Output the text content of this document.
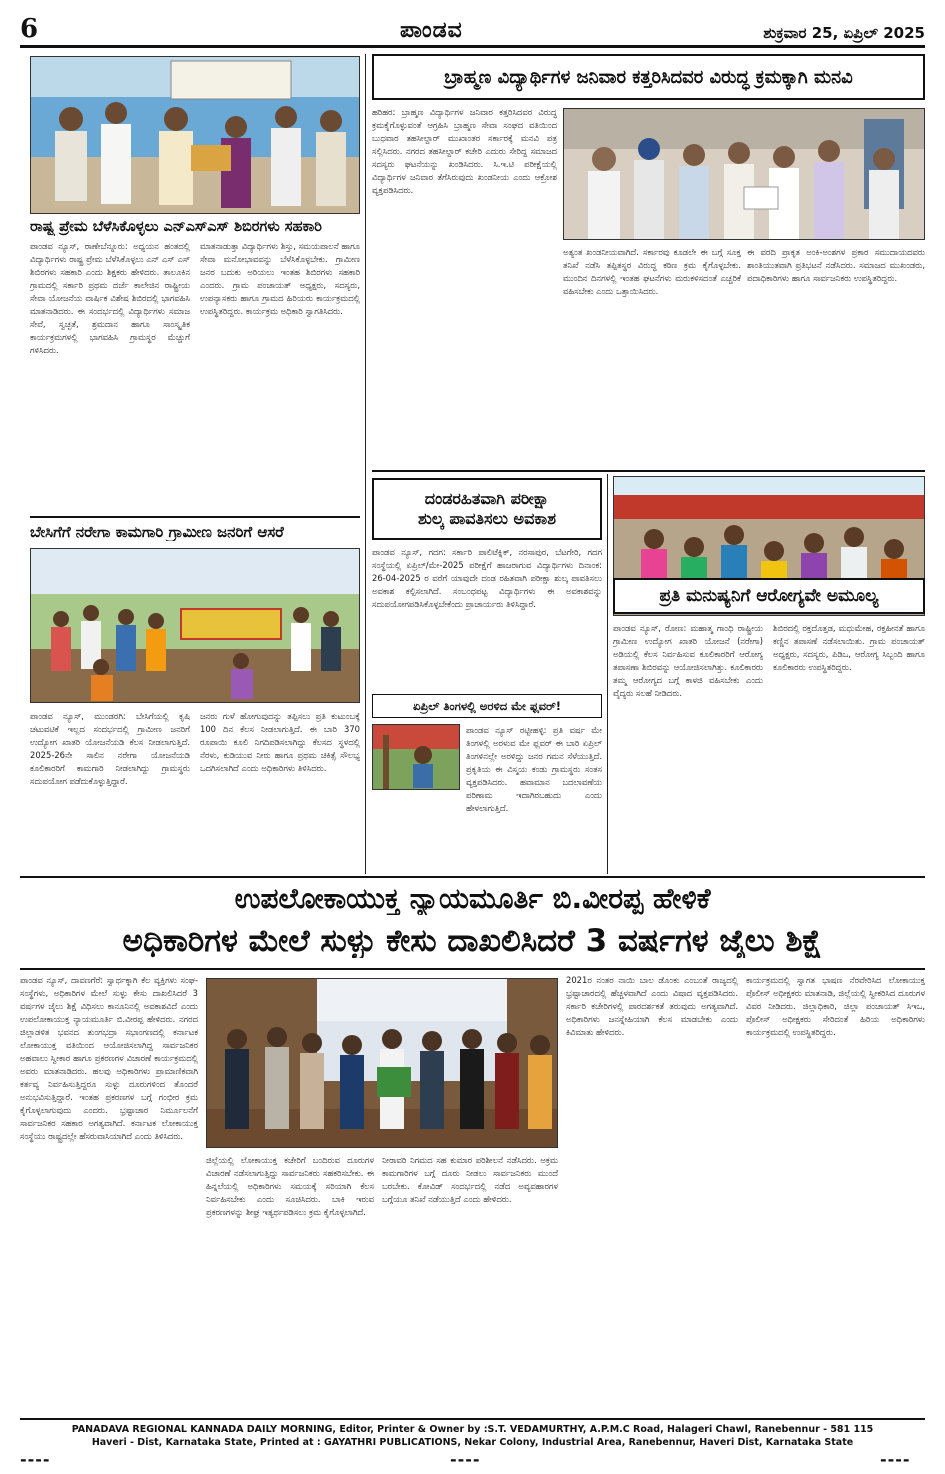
6	ಪಾಂಡವ	ಶುಕ್ರವಾರ 25, ಏಪ್ರಿಲ್ 2025
ರಾಷ್ಟ್ರ ಪ್ರೇಮ ಬೆಳೆಸಿಕೊಳ್ಳಲು ಎನ್‌ಎಸ್‌ಎಸ್ ಶಿಬಿರಗಳು ಸಹಕಾರಿ
ಪಾಂಡವ ನ್ಯೂಸ್, ರಾಣೇಬೆನ್ನೂರು: ಅಧ್ಯಯನ ಹಂತದಲ್ಲಿ ವಿದ್ಯಾರ್ಥಿಗಳು ರಾಷ್ಟ್ರ ಪ್ರೇಮ ಬೆಳೆಸಿಕೊಳ್ಳಲು ಎನ್ ಎಸ್ ಎಸ್ ಶಿಬಿರಗಳು ಸಹಕಾರಿ ಎಂದು ಶಿಕ್ಷಕರು ಹೇಳಿದರು. ತಾಲೂಕಿನ ಗ್ರಾಮದಲ್ಲಿ ಸರ್ಕಾರಿ ಪ್ರಥಮ ದರ್ಜೆ ಕಾಲೇಜಿನ ರಾಷ್ಟ್ರೀಯ ಸೇವಾ ಯೋಜನೆಯ ವಾರ್ಷಿಕ ವಿಶೇಷ ಶಿಬಿರದಲ್ಲಿ ಭಾಗವಹಿಸಿ ಮಾತನಾಡಿದರು. ಈ ಸಂದರ್ಭದಲ್ಲಿ ವಿದ್ಯಾರ್ಥಿಗಳು ಸಮಾಜ ಸೇವೆ, ಸ್ವಚ್ಛತೆ, ಶ್ರಮದಾನ ಹಾಗೂ ಸಾಂಸ್ಕೃತಿಕ ಕಾರ್ಯಕ್ರಮಗಳಲ್ಲಿ ಭಾಗವಹಿಸಿ ಗ್ರಾಮಸ್ಥರ ಮೆಚ್ಚುಗೆ ಗಳಿಸಿದರು.
ಮಾತನಾಡುತ್ತಾ ವಿದ್ಯಾರ್ಥಿಗಳು ಶಿಸ್ತು, ಸಮಯಪಾಲನೆ ಹಾಗೂ ಸೇವಾ ಮನೋಭಾವವನ್ನು ಬೆಳೆಸಿಕೊಳ್ಳಬೇಕು. ಗ್ರಾಮೀಣ ಜನರ ಬದುಕು ಅರಿಯಲು ಇಂತಹ ಶಿಬಿರಗಳು ಸಹಕಾರಿ ಎಂದರು. ಗ್ರಾಮ ಪಂಚಾಯತ್ ಅಧ್ಯಕ್ಷರು, ಸದಸ್ಯರು, ಉಪನ್ಯಾಸಕರು ಹಾಗೂ ಗ್ರಾಮದ ಹಿರಿಯರು ಕಾರ್ಯಕ್ರಮದಲ್ಲಿ ಉಪಸ್ಥಿತರಿದ್ದರು. ಕಾರ್ಯಕ್ರಮ ಅಧಿಕಾರಿ ಸ್ವಾಗತಿಸಿದರು.
ಬೇಸಿಗೆಗೆ ನರೇಗಾ ಕಾಮಗಾರಿ ಗ್ರಾಮೀಣ ಜನರಿಗೆ ಆಸರೆ
ಪಾಂಡವ ನ್ಯೂಸ್, ಮುಂಡರಗಿ: ಬೇಸಿಗೆಯಲ್ಲಿ ಕೃಷಿ ಚಟುವಟಿಕೆ ಇಲ್ಲದ ಸಂದರ್ಭದಲ್ಲಿ ಗ್ರಾಮೀಣ ಜನರಿಗೆ ಉದ್ಯೋಗ ಖಾತರಿ ಯೋಜನೆಯಡಿ ಕೆಲಸ ನೀಡಲಾಗುತ್ತಿದೆ. 2025-26ನೇ ಸಾಲಿನ ನರೇಗಾ ಯೋಜನೆಯಡಿ ಕೂಲಿಕಾರರಿಗೆ ಕಾಮಗಾರಿ ನೀಡಲಾಗಿದ್ದು ಗ್ರಾಮಸ್ಥರು ಸದುಪಯೋಗ ಪಡೆದುಕೊಳ್ಳುತ್ತಿದ್ದಾರೆ.
ಜನರು ಗುಳೆ ಹೋಗುವುದನ್ನು ತಪ್ಪಿಸಲು ಪ್ರತಿ ಕುಟುಂಬಕ್ಕೆ 100 ದಿನ ಕೆಲಸ ನೀಡಲಾಗುತ್ತಿದೆ. ಈ ಬಾರಿ 370 ರೂಪಾಯಿ ಕೂಲಿ ನಿಗದಿಪಡಿಸಲಾಗಿದ್ದು ಕೆಲಸದ ಸ್ಥಳದಲ್ಲಿ ನೆರಳು, ಕುಡಿಯುವ ನೀರು ಹಾಗೂ ಪ್ರಥಮ ಚಿಕಿತ್ಸೆ ಸೌಲಭ್ಯ ಒದಗಿಸಲಾಗಿದೆ ಎಂದು ಅಧಿಕಾರಿಗಳು ತಿಳಿಸಿದರು.
ಬ್ರಾಹ್ಮಣ ವಿದ್ಯಾರ್ಥಿಗಳ ಜನಿವಾರ ಕತ್ತರಿಸಿದವರ ವಿರುದ್ಧ ಕ್ರಮಕ್ಕಾಗಿ ಮನವಿ
ಹರಿಹರ: ಬ್ರಾಹ್ಮಣ ವಿದ್ಯಾರ್ಥಿಗಳ ಜನಿವಾರ ಕತ್ತರಿಸಿದವರ ವಿರುದ್ಧ ಕ್ರಮಕೈಗೊಳ್ಳುವಂತೆ ಆಗ್ರಹಿಸಿ ಬ್ರಾಹ್ಮಣ ಸೇವಾ ಸಂಘದ ವತಿಯಿಂದ ಬುಧವಾರ ತಹಸೀಲ್ದಾರ್ ಮುಖಾಂತರ ಸರ್ಕಾರಕ್ಕೆ ಮನವಿ ಪತ್ರ ಸಲ್ಲಿಸಿದರು. ನಗರದ ತಹಸೀಲ್ದಾರ್ ಕಚೇರಿ ಎದುರು ಸೇರಿದ್ದ ಸಮಾಜದ ಸದಸ್ಯರು ಘಟನೆಯನ್ನು ಖಂಡಿಸಿದರು. ಸಿ.ಇ.ಟಿ ಪರೀಕ್ಷೆಯಲ್ಲಿ ವಿದ್ಯಾರ್ಥಿಗಳ ಜನಿವಾರ ತೆಗೆಸಿರುವುದು ಖಂಡನೀಯ ಎಂದು ಆಕ್ರೋಶ ವ್ಯಕ್ತಪಡಿಸಿದರು.
ಅತ್ಯಂತ ಖಂಡನೀಯವಾಗಿದೆ. ಸರ್ಕಾರವು ಕೂಡಲೇ ಈ ಬಗ್ಗೆ ಸೂಕ್ತ ತನಿಖೆ ನಡೆಸಿ ತಪ್ಪಿತಸ್ಥರ ವಿರುದ್ಧ ಕಠಿಣ ಕ್ರಮ ಕೈಗೊಳ್ಳಬೇಕು. ಮುಂದಿನ ದಿನಗಳಲ್ಲಿ ಇಂತಹ ಘಟನೆಗಳು ಮರುಕಳಿಸದಂತೆ ಎಚ್ಚರಿಕೆ ವಹಿಸಬೇಕು ಎಂದು ಒತ್ತಾಯಿಸಿದರು.
ಈ ವರದಿ ಪ್ರಾಕೃತ ಅಂಕಿ-ಅಂಶಗಳ ಪ್ರಕಾರ ಸಮುದಾಯದವರು ಶಾಂತಿಯುತವಾಗಿ ಪ್ರತಿಭಟನೆ ನಡೆಸಿದರು. ಸಮಾಜದ ಮುಖಂಡರು, ಪದಾಧಿಕಾರಿಗಳು ಹಾಗೂ ಸಾರ್ವಜನಿಕರು ಉಪಸ್ಥಿತರಿದ್ದರು.
ದಂಡರಹಿತವಾಗಿ ಪರೀಕ್ಷಾ
ಶುಲ್ಕ ಪಾವತಿಸಲು ಅವಕಾಶ
ಪಾಂಡವ ನ್ಯೂಸ್, ಗದಗ: ಸರ್ಕಾರಿ ಪಾಲಿಟೆಕ್ನಿಕ್, ನರಸಾಪುರ, ಬೆಟಗೇರಿ, ಗದಗ ಸಂಸ್ಥೆಯಲ್ಲಿ ಏಪ್ರಿಲ್/ಮೇ-2025 ಪರೀಕ್ಷೆಗೆ ಹಾಜರಾಗುವ ವಿದ್ಯಾರ್ಥಿಗಳು ದಿನಾಂಕ: 26-04-2025 ರ ವರೆಗೆ ಯಾವುದೇ ದಂಡ ರಹಿತವಾಗಿ ಪರೀಕ್ಷಾ ಶುಲ್ಕ ಪಾವತಿಸಲು ಅವಕಾಶ ಕಲ್ಪಿಸಲಾಗಿದೆ. ಸಂಬಂಧಪಟ್ಟ ವಿದ್ಯಾರ್ಥಿಗಳು ಈ ಅವಕಾಶವನ್ನು ಸದುಪಯೋಗಪಡಿಸಿಕೊಳ್ಳಬೇಕೆಂದು ಪ್ರಾಚಾರ್ಯರು ತಿಳಿಸಿದ್ದಾರೆ.
ಏಪ್ರಿಲ್ ತಿಂಗಳಲ್ಲಿ ಅರಳಿದ ಮೇ ಫ್ಲವರ್!
ಪಾಂಡವ ನ್ಯೂಸ್ ರಟ್ಟೀಹಳ್ಳಿ: ಪ್ರತಿ ವರ್ಷ ಮೇ ತಿಂಗಳಲ್ಲಿ ಅರಳುವ ಮೇ ಫ್ಲವರ್ ಈ ಬಾರಿ ಏಪ್ರಿಲ್ ತಿಂಗಳಿನಲ್ಲೇ ಅರಳಿದ್ದು ಜನರ ಗಮನ ಸೆಳೆಯುತ್ತಿದೆ. ಪ್ರಕೃತಿಯ ಈ ವಿಸ್ಮಯ ಕಂಡು ಗ್ರಾಮಸ್ಥರು ಸಂತಸ ವ್ಯಕ್ತಪಡಿಸಿದರು. ಹವಾಮಾನ ಬದಲಾವಣೆಯ ಪರಿಣಾಮ ಇದಾಗಿರಬಹುದು ಎಂದು ಹೇಳಲಾಗುತ್ತಿದೆ.
ಪ್ರತಿ ಮನುಷ್ಯನಿಗೆ ಆರೋಗ್ಯವೇ ಅಮೂಲ್ಯ
ಪಾಂಡವ ನ್ಯೂಸ್, ರೋಣ: ಮಹಾತ್ಮ ಗಾಂಧಿ ರಾಷ್ಟ್ರೀಯ ಗ್ರಾಮೀಣ ಉದ್ಯೋಗ ಖಾತರಿ ಯೋಜನೆ (ನರೇಗಾ) ಅಡಿಯಲ್ಲಿ ಕೆಲಸ ನಿರ್ವಹಿಸುವ ಕೂಲಿಕಾರರಿಗೆ ಆರೋಗ್ಯ ತಪಾಸಣಾ ಶಿಬಿರವನ್ನು ಆಯೋಜಿಸಲಾಗಿತ್ತು. ಕೂಲಿಕಾರರು ತಮ್ಮ ಆರೋಗ್ಯದ ಬಗ್ಗೆ ಕಾಳಜಿ ವಹಿಸಬೇಕು ಎಂದು ವೈದ್ಯರು ಸಲಹೆ ನೀಡಿದರು.
ಶಿಬಿರದಲ್ಲಿ ರಕ್ತದೊತ್ತಡ, ಮಧುಮೇಹ, ರಕ್ತಹೀನತೆ ಹಾಗೂ ಕಣ್ಣಿನ ತಪಾಸಣೆ ನಡೆಸಲಾಯಿತು. ಗ್ರಾಮ ಪಂಚಾಯತ್ ಅಧ್ಯಕ್ಷರು, ಸದಸ್ಯರು, ಪಿಡಿಒ, ಆರೋಗ್ಯ ಸಿಬ್ಬಂದಿ ಹಾಗೂ ಕೂಲಿಕಾರರು ಉಪಸ್ಥಿತರಿದ್ದರು.
ಉಪಲೋಕಾಯುಕ್ತ ನ್ಯಾಯಮೂರ್ತಿ ಬಿ.ವೀರಪ್ಪ ಹೇಳಿಕೆ
ಅಧಿಕಾರಿಗಳ ಮೇಲೆ ಸುಳ್ಳು ಕೇಸು ದಾಖಲಿಸಿದರೆ 3 ವರ್ಷಗಳ ಜೈಲು ಶಿಕ್ಷೆ
ಪಾಂಡವ ನ್ಯೂಸ್, ದಾವಣಗೆರೆ: ಸ್ವಾರ್ಥಕ್ಕಾಗಿ ಕೆಲ ವ್ಯಕ್ತಿಗಳು ಸಂಘ-ಸಂಸ್ಥೆಗಳು, ಅಧಿಕಾರಿಗಳ ಮೇಲೆ ಸುಳ್ಳು ಕೇಸು ದಾಖಲಿಸಿದರೆ 3 ವರ್ಷಗಳ ಜೈಲು ಶಿಕ್ಷೆ ವಿಧಿಸಲು ಕಾನೂನಿನಲ್ಲಿ ಅವಕಾಶವಿದೆ ಎಂದು ಉಪಲೋಕಾಯುಕ್ತ ನ್ಯಾಯಮೂರ್ತಿ ಬಿ.ವೀರಪ್ಪ ಹೇಳಿದರು. ನಗರದ ಜಿಲ್ಲಾಡಳಿತ ಭವನದ ತುಂಗಭದ್ರಾ ಸಭಾಂಗಣದಲ್ಲಿ ಕರ್ನಾಟಕ ಲೋಕಾಯುಕ್ತ ವತಿಯಿಂದ ಆಯೋಜಿಸಲಾಗಿದ್ದ ಸಾರ್ವಜನಿಕರ ಅಹವಾಲು ಸ್ವೀಕಾರ ಹಾಗೂ ಪ್ರಕರಣಗಳ ವಿಚಾರಣೆ ಕಾರ್ಯಕ್ರಮದಲ್ಲಿ ಅವರು ಮಾತನಾಡಿದರು. ಹಲವು ಅಧಿಕಾರಿಗಳು ಪ್ರಾಮಾಣಿಕವಾಗಿ ಕರ್ತವ್ಯ ನಿರ್ವಹಿಸುತ್ತಿದ್ದರೂ ಸುಳ್ಳು ದೂರುಗಳಿಂದ ತೊಂದರೆ ಅನುಭವಿಸುತ್ತಿದ್ದಾರೆ. ಇಂತಹ ಪ್ರಕರಣಗಳ ಬಗ್ಗೆ ಗಂಭೀರ ಕ್ರಮ ಕೈಗೊಳ್ಳಲಾಗುವುದು ಎಂದರು. ಭ್ರಷ್ಟಾಚಾರ ನಿರ್ಮೂಲನೆಗೆ ಸಾರ್ವಜನಿಕರ ಸಹಕಾರ ಅಗತ್ಯವಾಗಿದೆ. ಕರ್ನಾಟಕ ಲೋಕಾಯುಕ್ತ ಸಂಸ್ಥೆಯು ರಾಷ್ಟ್ರದಲ್ಲೇ ಹೆಸರುವಾಸಿಯಾಗಿದೆ ಎಂದು ತಿಳಿಸಿದರು.
ಜಿಲ್ಲೆಯಲ್ಲಿ ಲೋಕಾಯುಕ್ತ ಕಚೇರಿಗೆ ಬಂದಿರುವ ದೂರುಗಳ ವಿಚಾರಣೆ ನಡೆಸಲಾಗುತ್ತಿದ್ದು ಸಾರ್ವಜನಿಕರು ಸಹಕರಿಸಬೇಕು. ಈ ಹಿನ್ನಲೆಯಲ್ಲಿ ಅಧಿಕಾರಿಗಳು ಸಮಯಕ್ಕೆ ಸರಿಯಾಗಿ ಕೆಲಸ ನಿರ್ವಹಿಸಬೇಕು ಎಂದು ಸೂಚಿಸಿದರು. ಬಾಕಿ ಇರುವ ಪ್ರಕರಣಗಳನ್ನು ಶೀಘ್ರ ಇತ್ಯರ್ಥಪಡಿಸಲು ಕ್ರಮ ಕೈಗೊಳ್ಳಲಾಗಿದೆ.
ನೀರಾವರಿ ನಿಗಮದ ಸಹ ಕುಮಾರ ಪರಿಶೀಲನೆ ನಡೆಸಿದರು. ಅಕ್ರಮ ಕಾಮಗಾರಿಗಳ ಬಗ್ಗೆ ದೂರು ನೀಡಲು ಸಾರ್ವಜನಿಕರು ಮುಂದೆ ಬರಬೇಕು. ಕೋವಿಡ್ ಸಂದರ್ಭದಲ್ಲಿ ನಡೆದ ಅವ್ಯವಹಾರಗಳ ಬಗ್ಗೆಯೂ ತನಿಖೆ ನಡೆಯುತ್ತಿದೆ ಎಂದು ಹೇಳಿದರು.
2021ರ ನಂತರ ನಾಯಿ ಬಾಲ ಡೊಂಕು ಎಂಬಂತೆ ರಾಜ್ಯದಲ್ಲಿ ಭ್ರಷ್ಟಾಚಾರದಲ್ಲಿ ಹೆಚ್ಚಳವಾಗಿದೆ ಎಂದು ವಿಷಾದ ವ್ಯಕ್ತಪಡಿಸಿದರು. ಸರ್ಕಾರಿ ಕಚೇರಿಗಳಲ್ಲಿ ಪಾರದರ್ಶಕತೆ ತರುವುದು ಅಗತ್ಯವಾಗಿದೆ. ಅಧಿಕಾರಿಗಳು ಜನಸ್ನೇಹಿಯಾಗಿ ಕೆಲಸ ಮಾಡಬೇಕು ಎಂದು ಕಿವಿಮಾತು ಹೇಳಿದರು.
ಕಾರ್ಯಕ್ರಮದಲ್ಲಿ ಸ್ವಾಗತ ಭಾಷಣ ನೆರವೇರಿಸಿದ ಲೋಕಾಯುಕ್ತ ಪೊಲೀಸ್ ಅಧೀಕ್ಷಕರು ಮಾತನಾಡಿ, ಜಿಲ್ಲೆಯಲ್ಲಿ ಸ್ವೀಕರಿಸಿದ ದೂರುಗಳ ವಿವರ ನೀಡಿದರು. ಜಿಲ್ಲಾಧಿಕಾರಿ, ಜಿಲ್ಲಾ ಪಂಚಾಯತ್ ಸಿಇಒ, ಪೊಲೀಸ್ ಅಧೀಕ್ಷಕರು ಸೇರಿದಂತೆ ಹಿರಿಯ ಅಧಿಕಾರಿಗಳು ಕಾರ್ಯಕ್ರಮದಲ್ಲಿ ಉಪಸ್ಥಿತರಿದ್ದರು.
PANADAVA REGIONAL KANNADA DAILY MORNING, Editor, Printer & Owner by :S.T. VEDAMURTHY, A.P.M.C Road, Halageri Chawl, Ranebennur - 581 115
Haveri - Dist, Karnataka State, Printed at : GAYATHRI PUBLICATIONS, Nekar Colony, Industrial Area, Ranebennur, Haveri Dist, Karnataka State
----	----	----
